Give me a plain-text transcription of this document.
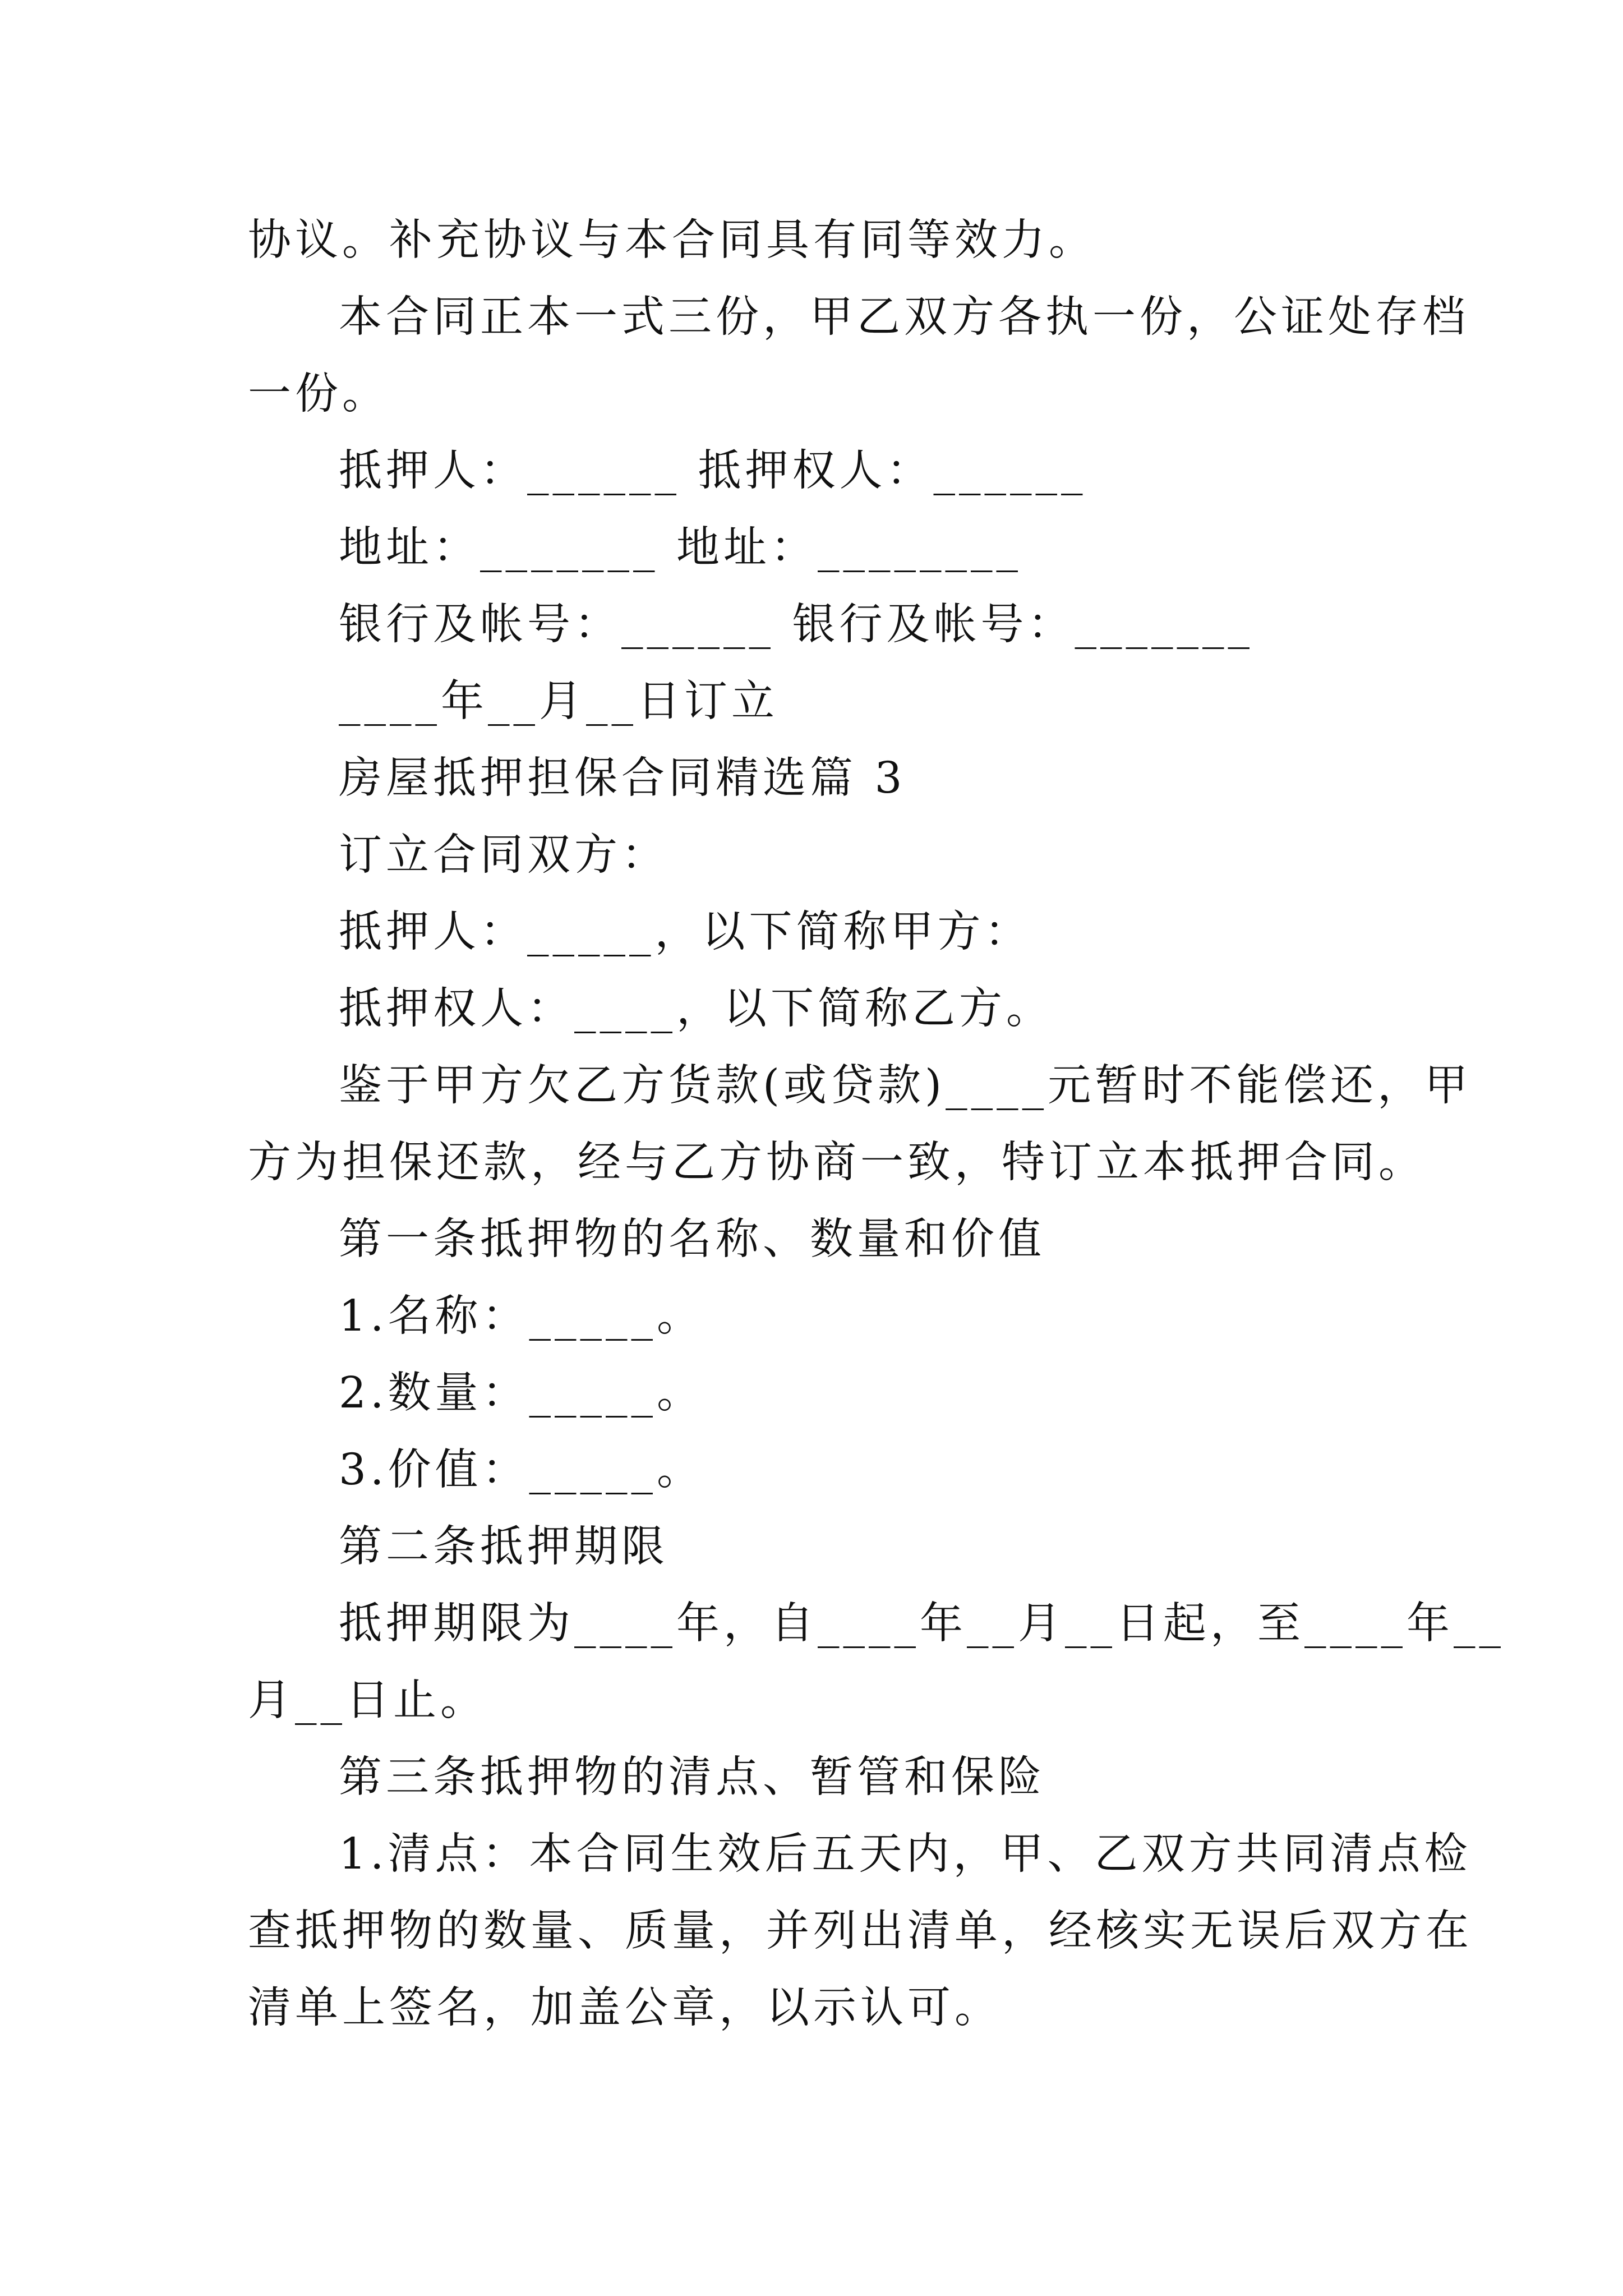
协议。补充协议与本合同具有同等效力。

本合同正本一式三份，甲乙双方各执一份，公证处存档

一份。

抵押人：______ 抵押权人：______

地址：_______ 地址：________

银行及帐号：______ 银行及帐号：_______

____年__月__日订立

房屋抵押担保合同精选篇 3

订立合同双方：

抵押人：_____，以下简称甲方：

抵押权人：____，以下简称乙方。

鉴于甲方欠乙方货款(或贷款)____元暂时不能偿还，甲

方为担保还款，经与乙方协商一致，特订立本抵押合同。

第一条抵押物的名称、数量和价值

1.名称：_____。

2.数量：_____。

3.价值：_____。

第二条抵押期限

抵押期限为____年，自____年__月__日起，至____年__

月__日止。

第三条抵押物的清点、暂管和保险

1.清点：本合同生效后五天内，甲、乙双方共同清点检

查抵押物的数量、质量，并列出清单，经核实无误后双方在

清单上签名，加盖公章，以示认可。
